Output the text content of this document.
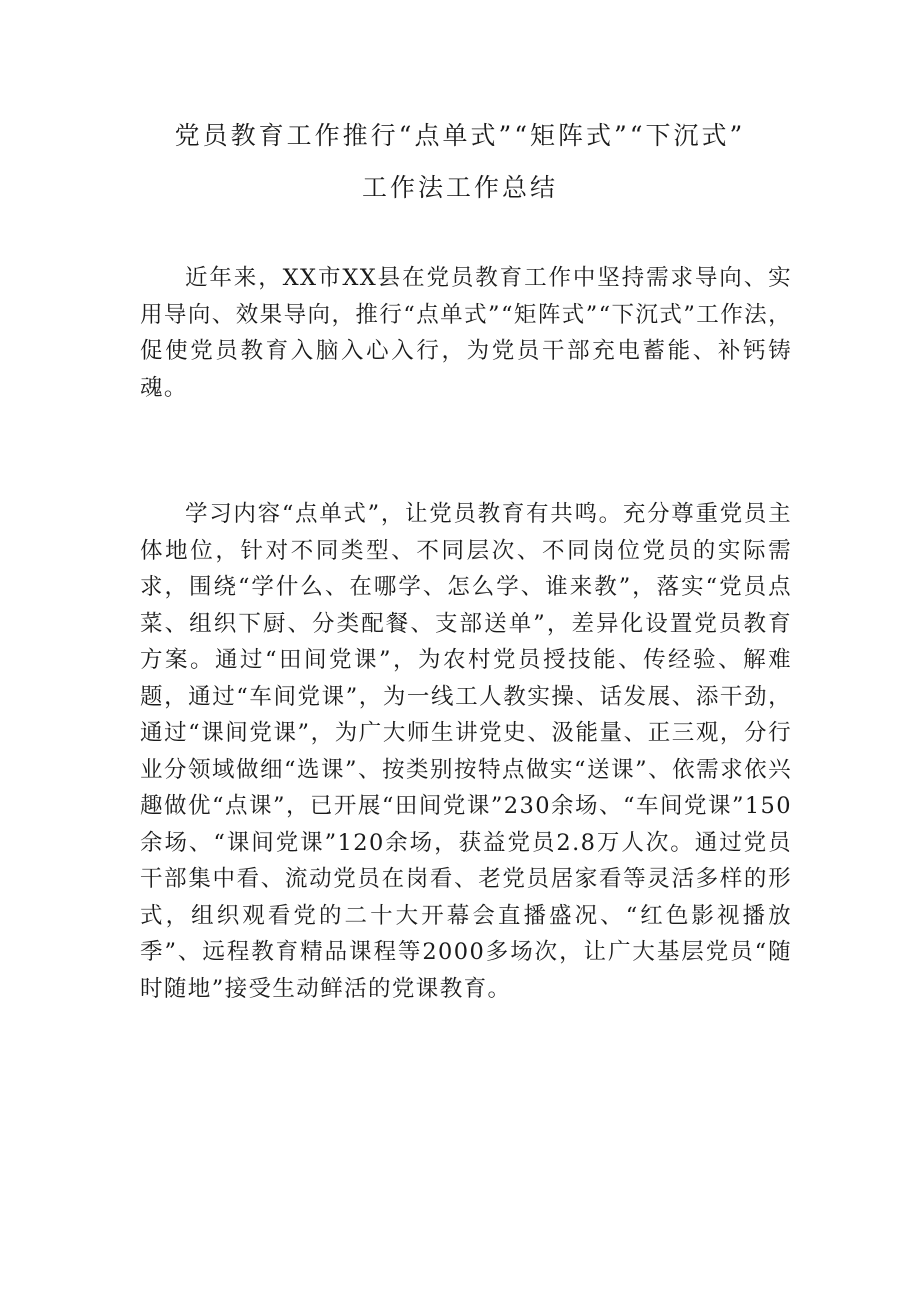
党员教育工作推行“点单式”“矩阵式”“下沉式”
工作法工作总结

近年来，XX市XX县在党员教育工作中坚持需求导向、实用导向、效果导向，推行“点单式”“矩阵式”“下沉式”工作法，促使党员教育入脑入心入行，为党员干部充电蓄能、补钙铸魂。

学习内容“点单式”，让党员教育有共鸣。充分尊重党员主体地位，针对不同类型、不同层次、不同岗位党员的实际需求，围绕“学什么、在哪学、怎么学、谁来教”，落实“党员点菜、组织下厨、分类配餐、支部送单”，差异化设置党员教育方案。通过“田间党课”，为农村党员授技能、传经验、解难题，通过“车间党课”，为一线工人教实操、话发展、添干劲，通过“课间党课”，为广大师生讲党史、汲能量、正三观，分行业分领域做细“选课”、按类别按特点做实“送课”、依需求依兴趣做优“点课”，已开展“田间党课”230余场、“车间党课”150余场、“课间党课”120余场，获益党员2.8万人次。通过党员干部集中看、流动党员在岗看、老党员居家看等灵活多样的形式，组织观看党的二十大开幕会直播盛况、“红色影视播放季”、远程教育精品课程等2000多场次，让广大基层党员“随时随地”接受生动鲜活的党课教育。
